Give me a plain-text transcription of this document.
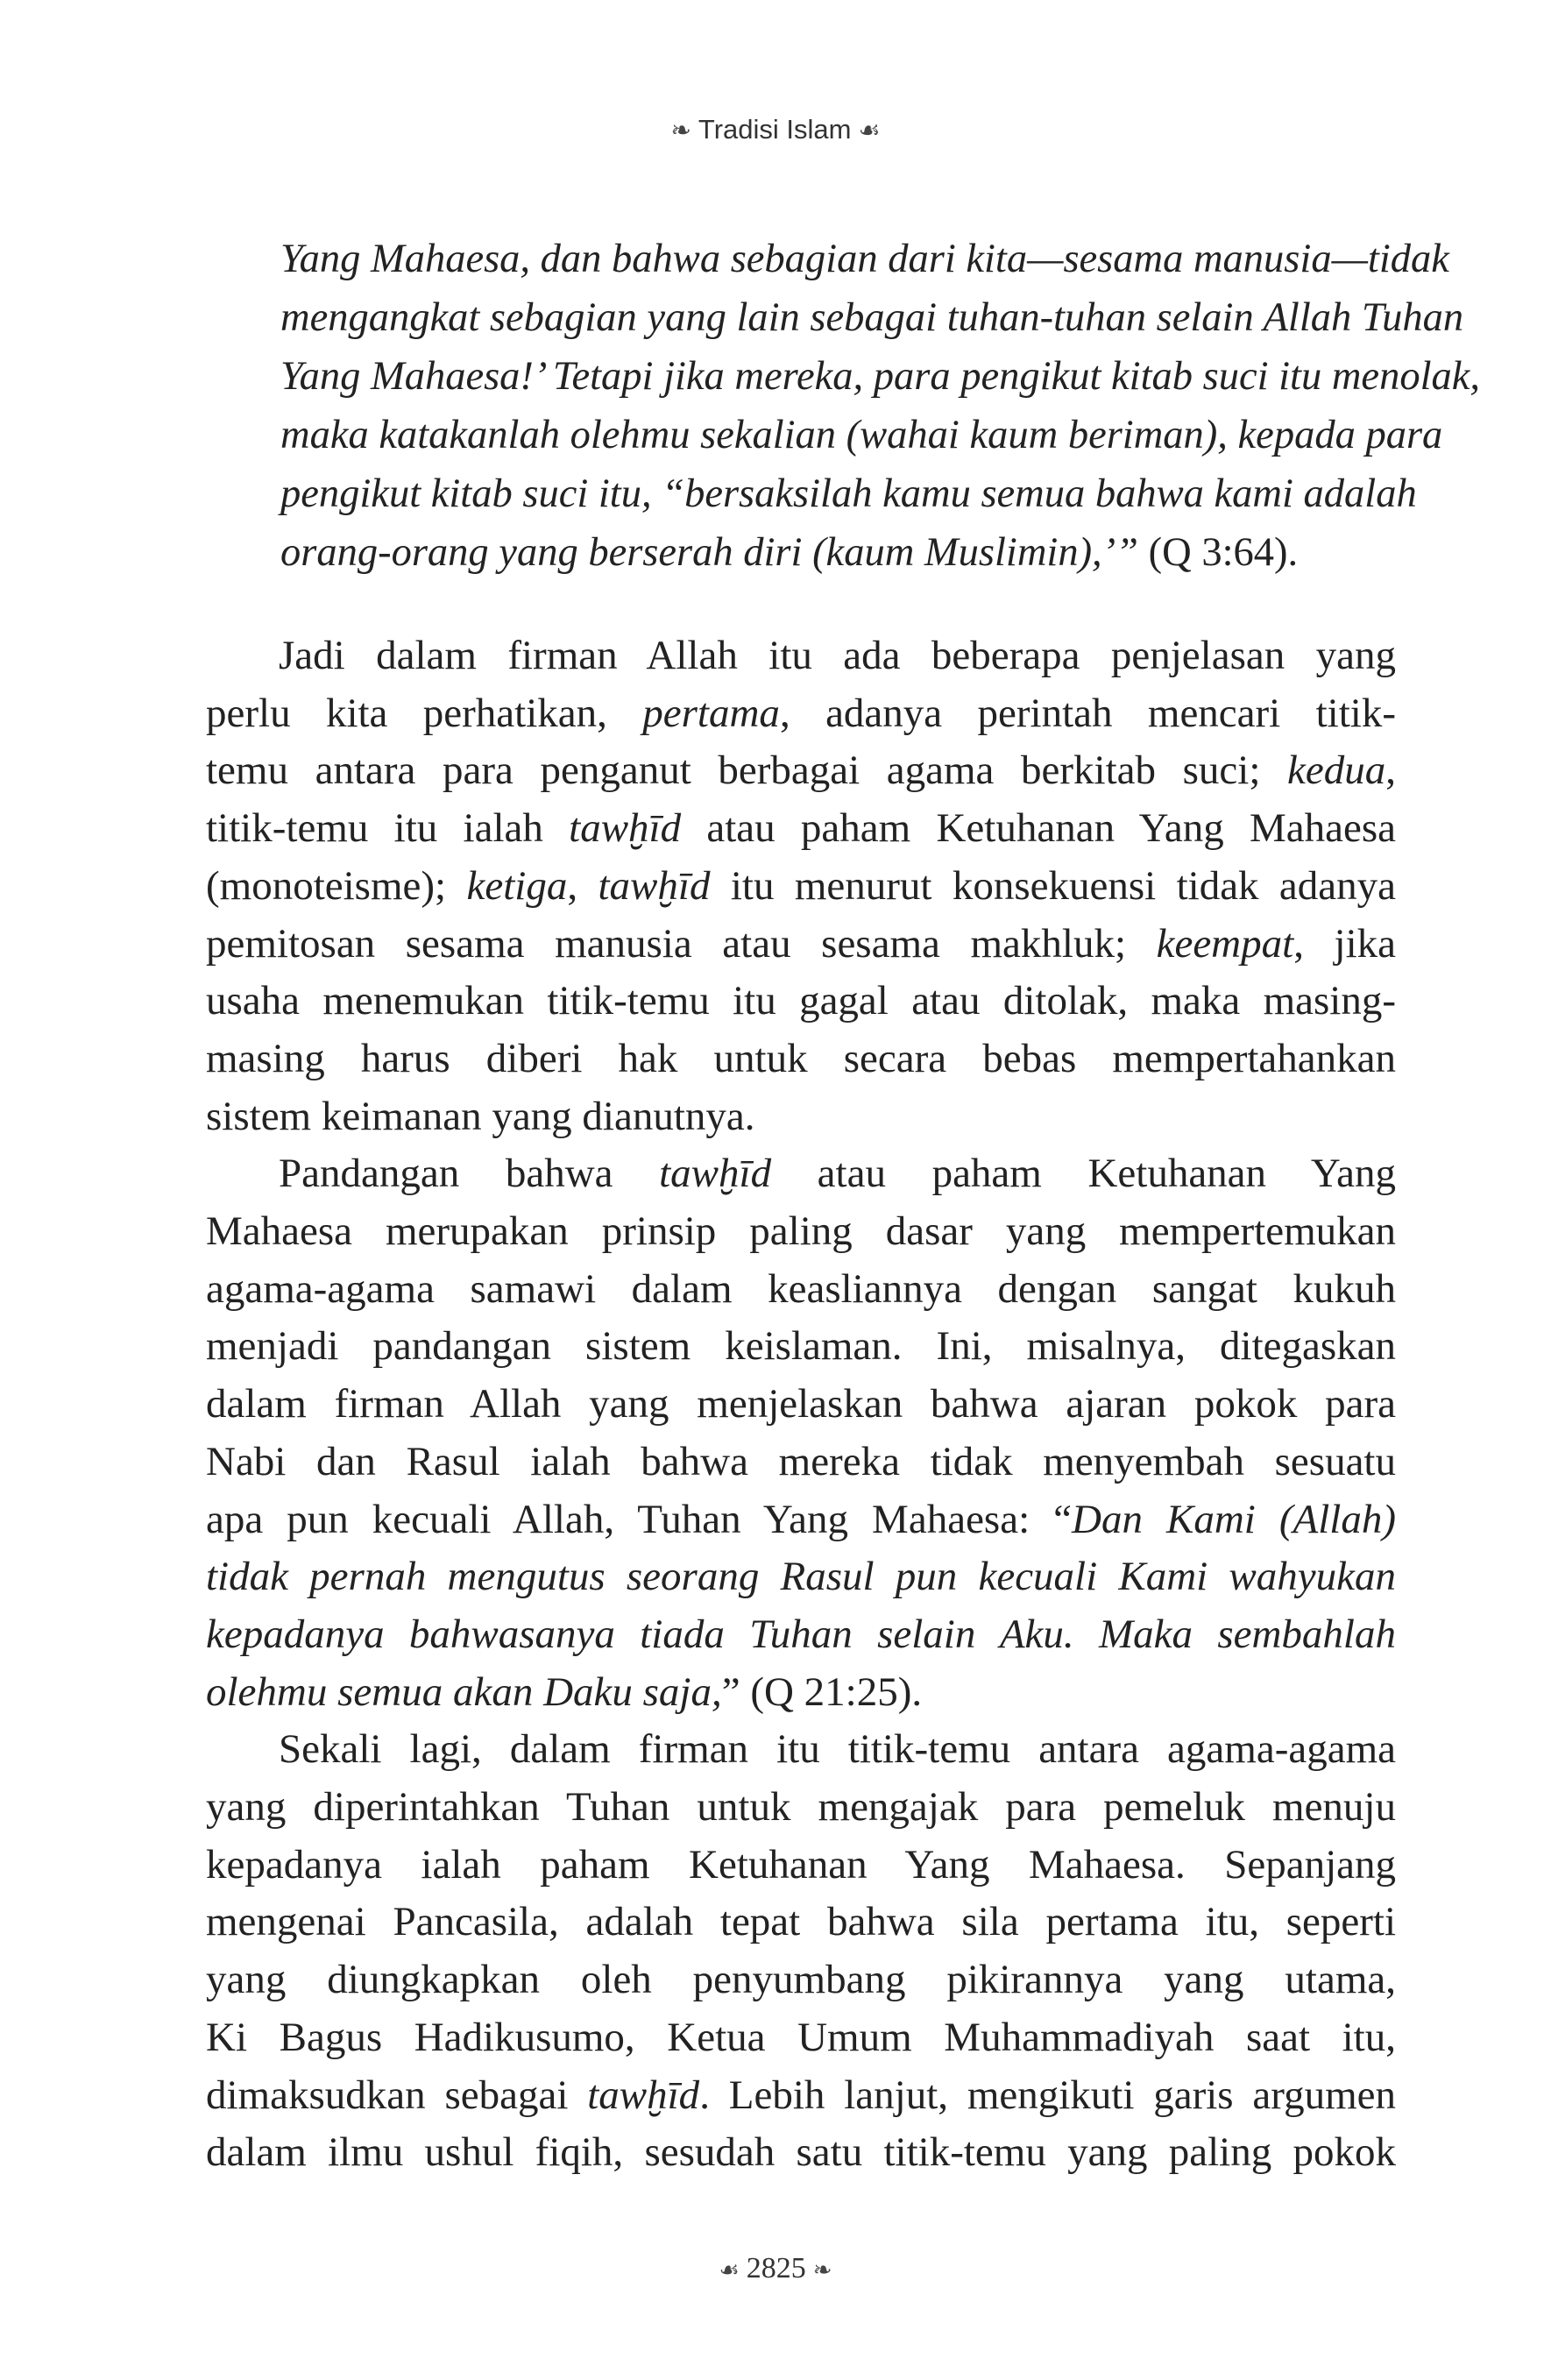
❧ Tradisi Islam ☙
Yang Mahaesa, dan bahwa sebagian dari kita—sesama manusia—tidak
mengangkat sebagian yang lain sebagai tuhan-tuhan selain Allah Tuhan
Yang Mahaesa!’ Tetapi jika mereka, para pengikut kitab suci itu menolak,
maka katakanlah olehmu sekalian (wahai kaum beriman), kepada para
pengikut kitab suci itu, “bersaksilah kamu semua bahwa kami adalah
orang-orang yang berserah diri (kaum Muslimin),’” (Q 3:64).
Jadi dalam firman Allah itu ada beberapa penjelasan yang
perlu kita perhatikan, pertama, adanya perintah mencari titik-
temu antara para penganut berbagai agama berkitab suci; kedua,
titik-temu itu ialah tawḫīd atau paham Ketuhanan Yang Mahaesa
(monoteisme); ketiga, tawḫīd itu menurut konsekuensi tidak adanya
pemitosan sesama manusia atau sesama makhluk; keempat, jika
usaha menemukan titik-temu itu gagal atau ditolak, maka masing-
masing harus diberi hak untuk secara bebas mempertahankan
sistem keimanan yang dianutnya.
Pandangan bahwa tawḫīd atau paham Ketuhanan Yang
Mahaesa merupakan prinsip paling dasar yang mempertemukan
agama-agama samawi dalam keasliannya dengan sangat kukuh
menjadi pandangan sistem keislaman. Ini, misalnya, ditegaskan
dalam firman Allah yang menjelaskan bahwa ajaran pokok para
Nabi dan Rasul ialah bahwa mereka tidak menyembah sesuatu
apa pun kecuali Allah, Tuhan Yang Mahaesa: “Dan Kami (Allah)
tidak pernah mengutus seorang Rasul pun kecuali Kami wahyukan
kepadanya bahwasanya tiada Tuhan selain Aku. Maka sembahlah
olehmu semua akan Daku saja,” (Q 21:25).
Sekali lagi, dalam firman itu titik-temu antara agama-agama
yang diperintahkan Tuhan untuk mengajak para pemeluk menuju
kepadanya ialah paham Ketuhanan Yang Mahaesa. Sepanjang
mengenai Pancasila, adalah tepat bahwa sila pertama itu, seperti
yang diungkapkan oleh penyumbang pikirannya yang utama,
Ki Bagus Hadikusumo, Ketua Umum Muhammadiyah saat itu,
dimaksudkan sebagai tawḫīd. Lebih lanjut, mengikuti garis argumen
dalam ilmu ushul fiqih, sesudah satu titik-temu yang paling pokok
☙ 2825 ❧
